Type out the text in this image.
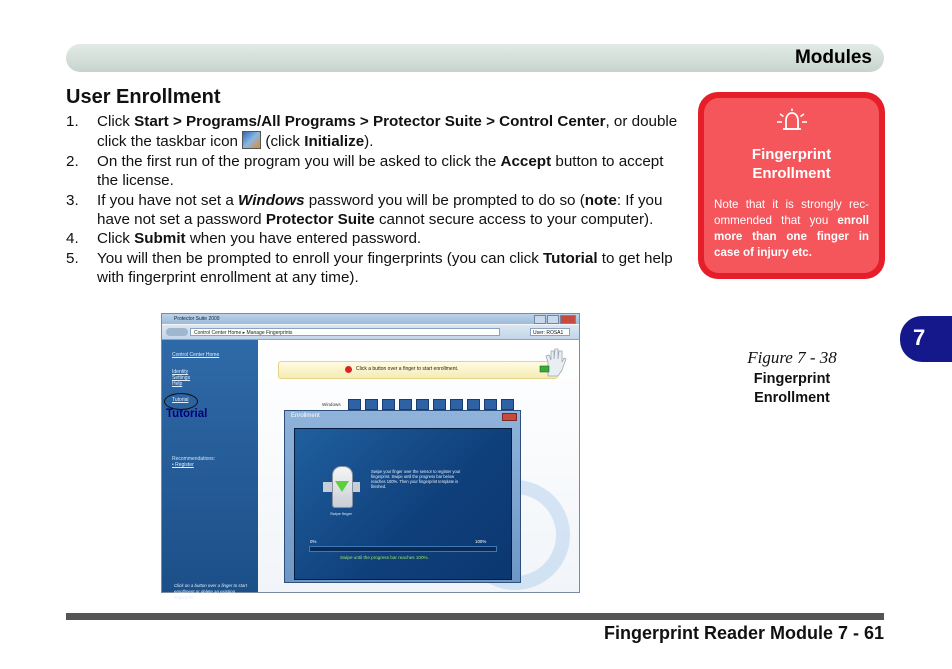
Modules
User Enrollment
1. Click Start > Programs/All Programs > Protector Suite > Control Center, or double click the taskbar icon  (click Initialize).
2. On the first run of the program you will be asked to click the Accept button to accept the license.
3. If you have not set a Windows password you will be prompted to do so (note: If you have not set a password Protector Suite cannot secure access to your computer).
4. Click Submit when you have entered password.
5. You will then be prompted to enroll your fingerprints (you can click Tutorial to get help with fingerprint enrollment at any time).
Fingerprint
Enrollment
Note that it is strongly rec-ommended that you enroll more than one finger in case of injury etc.
7
Figure 7 - 38
Fingerprint
Enrollment
Protector Suite 2009
Control Center Home ▸ Manage Fingerprints	User: ROSA1
Control Center Home
Identity
Settings
Help
Tutorial
Recommendations:
• Register
Click on a button over a finger to start enrollment or delete an existing fingerprint.
Tutorial
Click a button over a finger to start enrollment.
Windows
Enrollment
Swipe finger
Swipe your finger over the sensor to register your fingerprint. Swipe until the progress bar below reaches 100%. Then your fingerprint template is finished.
0%	100%
Swipe until the progress bar reaches 100%.
Fingerprint Reader Module 7 - 61
